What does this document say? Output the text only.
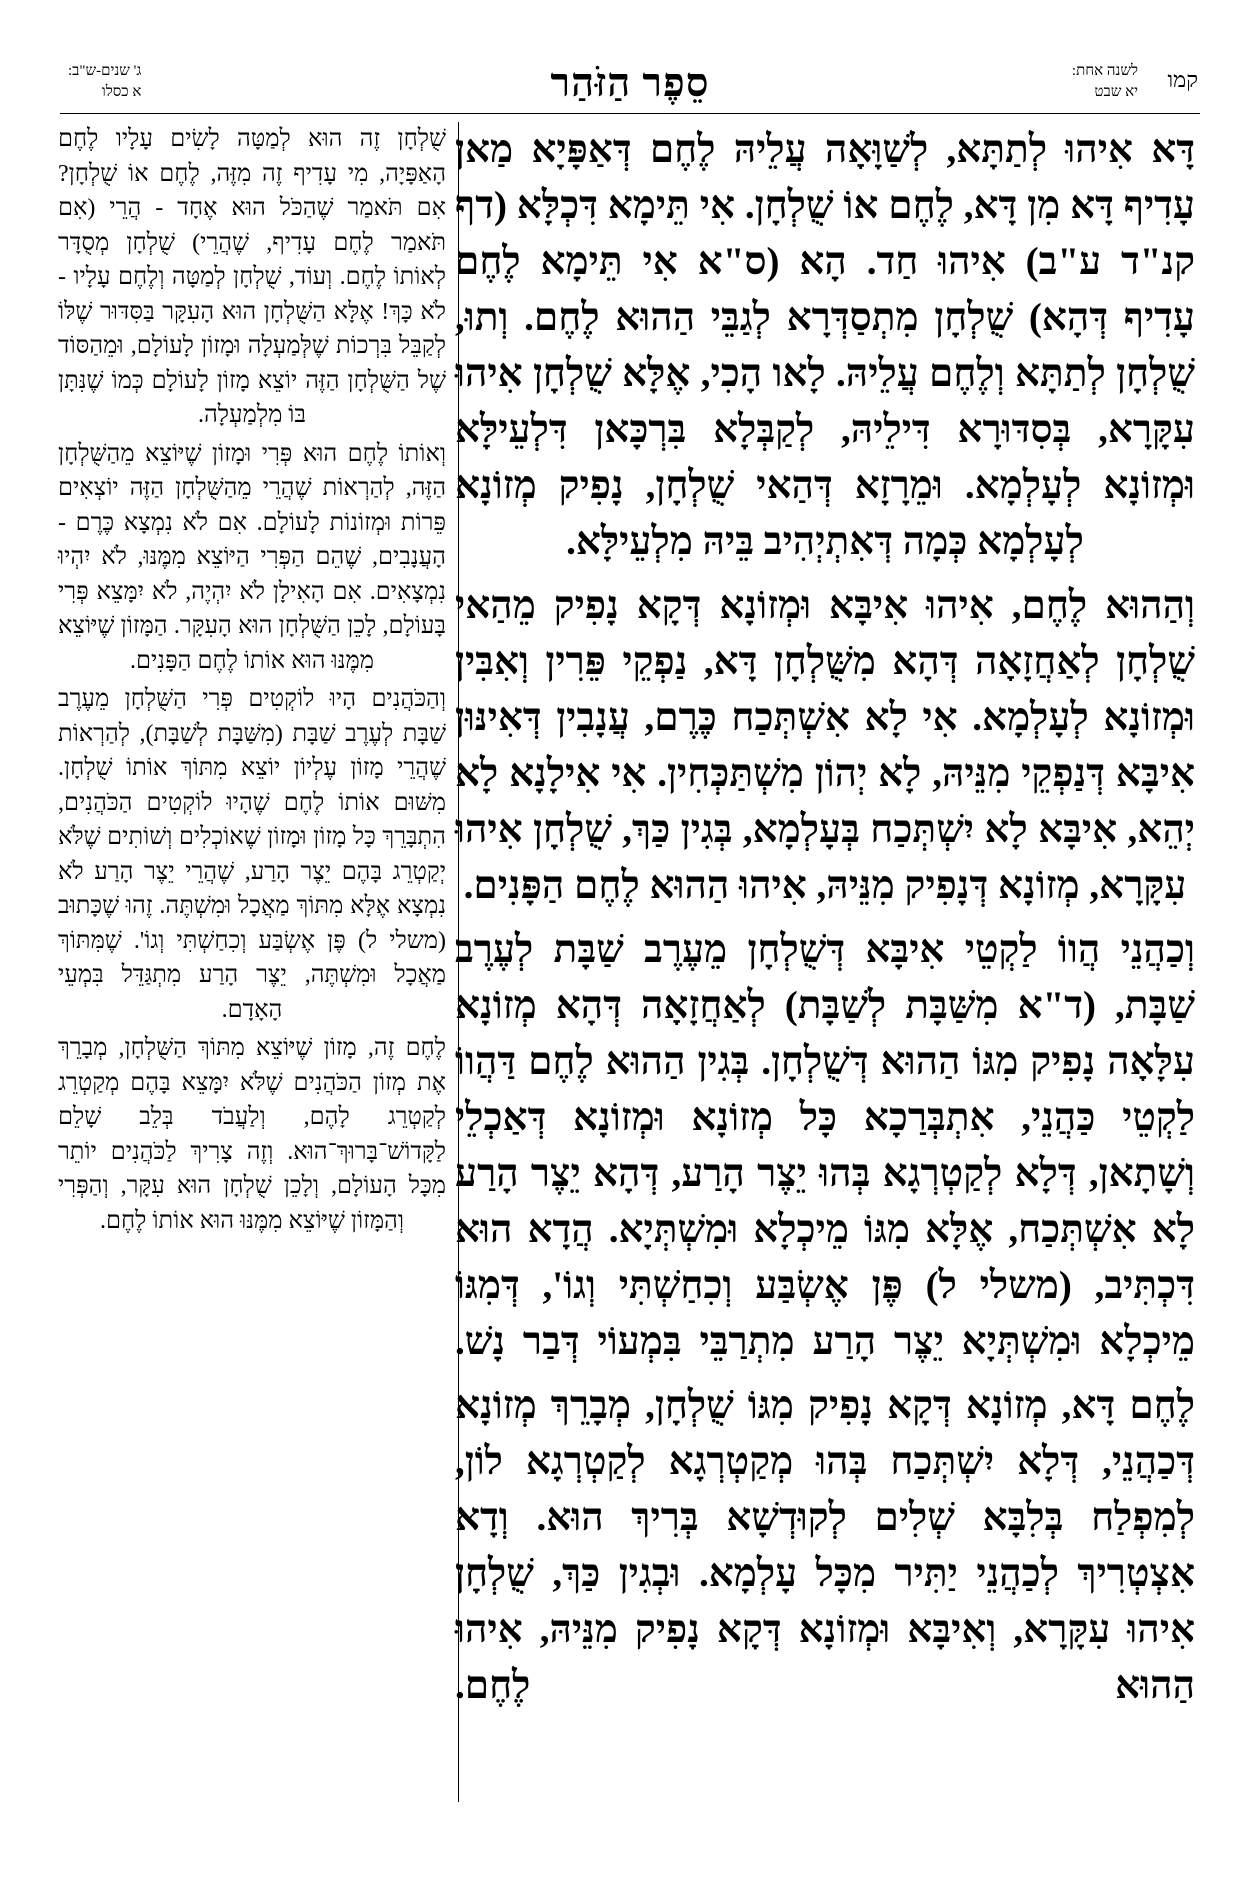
קמו
לשנה אחת:
יא שבט
סֵפֶר הַזֹּהַר
ג' שנים-ש"ב:
א כסלו

דָּא אִיהוּ לְתַתָּא, לְשַׁוָּאָה עֲלֵיהּ לֶחֶם דְּאַפָּיָא מַאן עָדִיף דָּא מִן דָּא, לֶחֶם אוֹ שֻׁלְחָן. אִי תֵּימָא דִּכְלָּא (דף קנ"ד ע"ב) אִיהוּ חַד. הָא (ס"א אִי תֵּימָא לֶחֶם עָדִיף דְּהָא) שֻׁלְחָן מִתְסַדְּרָא לְגַבֵּי הַהוּא לֶחֶם. וְתוּ, שֻׁלְחָן לְתַתָּא וְלֶחֶם עֲלֵיהּ. לָאו הָכִי, אֶלָּא שֻׁלְחָן אִיהוּ עִקָּרָא, בְּסִדּוּרָא דִּילֵיהּ, לְקַבְּלָא בִּרְכָּאן דִּלְעֵילָּא וּמְזוֹנָא לְעָלְמָא. וּמֵרָזָא דְּהַאי שֻׁלְחָן, נָפִיק מְזוֹנָא לְעָלְמָא כְּמָה דְּאִתְיְהִיב בֵּיהּ מִלְעֵילָּא.

וְהַהוּא לֶחֶם, אִיהוּ אִיבָּא וּמְזוֹנָא דְּקָא נָפִיק מֵהַאי שֻׁלְחָן לְאַחֲזָאָה דְּהָא מִשֻּׁלְחָן דָּא, נַפְקֵי פֵּרִין וְאִבִּין וּמְזוֹנָא לְעָלְמָא. אִי לָא אִשְׁתְּכַח כֶּרֶם, עֲנָבִין דְּאִינּוּן אִיבָּא דְּנַפְקֵי מִנֵּיהּ, לָא יְהוֹן מִשְׁתַּכְּחִין. אִי אִילָנָא לָא יְהֵא, אִיבָּא לָא יִשְׁתְּכַח בְּעָלְמָא, בְּגִין כַּךְ, שֻׁלְחָן אִיהוּ עִקָּרָא, מְזוֹנָא דְּנָפִיק מִנֵּיהּ, אִיהוּ הַהוּא לֶחֶם הַפָּנִים.

וְכַהֲנֵי הֲווֹ לַקְטֵי אִיבָּא דְּשֻׁלְחָן מֵעֶרֶב שַׁבָּת לְעֶרֶב שַׁבָּת, (ד"א מִשַּׁבָּת לְשַׁבָּת) לְאַחֲזָאָה דְּהָא מְזוֹנָא עִלָּאָה נָפִיק מִגּוֹ הַהוּא דְּשֻׁלְחָן. בְּגִין הַהוּא לֶחֶם דַּהֲווֹ לַקְטֵי כַּהֲנֵי, אִתְבְּרַכָא כָּל מְזוֹנָא וּמְזוֹנָא דְּאַכְלֵי וְשָׁתָאן, דְּלָא לְקַטְרְגָא בְּהוּ יֵצֶר הָרַע, דְּהָא יֵצֶר הָרַע לָא אִשְׁתְּכַח, אֶלָּא מִגּוֹ מֵיכְלָא וּמִשְׁתְּיָא. הֲדָא הוּא דִּכְתִּיב, (משלי ל) פֶּן אֶשְׂבַּע וְכִחַשְׁתִּי וְגוֹ', דְּמִגּוֹ מֵיכְלָא וּמִשְׁתְּיָא יֵצֶר הָרַע מִתְרַבֵּי בִּמְעוֹי דְּבַר נָשׁ.

לֶחֶם דָּא, מְזוֹנָא דְּקָא נָפִיק מִגּוֹ שֻׁלְחָן, מְבָרֵךְ מְזוֹנָא דְּכַהֲנֵי, דְּלָא יִשְׁתְּכַח בְּהוּ מְקַטְרְגָא לְקַטְרְגָא לוֹן, לְמִפְלַח בְּלִבָּא שְׁלִים לְקוּדְשָׁא בְּרִיךְ הוּא. וְדָא אִצְטְרִיךְ לְכַהֲנֵי יַתִּיר מִכָּל עָלְמָא. וּבְגִין כַּךְ, שֻׁלְחָן אִיהוּ עִקָּרָא, וְאִיבָּא וּמְזוֹנָא דְּקָא נָפִיק מִנֵּיהּ, אִיהוּ הַהוּא לֶחֶם.

שֻׁלְחָן זֶה הוּא לְמַטָּה לָשִׂים עָלָיו לֶחֶם הָאַפָּיָה, מִי עָדִיף זֶה מִזֶּה, לֶחֶם אוֹ שֻׁלְחָן? אִם תֹּאמַר שֶׁהַכֹּל הוּא אֶחָד - הֲרֵי (אִם תֹּאמַר לֶחֶם עָדִיף, שֶׁהֲרֵי) שֻׁלְחָן מְסֻדָּר לְאוֹתוֹ לֶחֶם. וְעוֹד, שֻׁלְחָן לְמַטָּה וְלֶחֶם עָלָיו - לֹא כָּךְ! אֶלָּא הַשֻּׁלְחָן הוּא הָעִקָּר בַּסִּדּוּר שֶׁלּוֹ לְקַבֵּל בִּרְכוֹת שֶׁלְּמַעְלָה וּמָזוֹן לָעוֹלָם, וּמֵהַסּוֹד שֶׁל הַשֻּׁלְחָן הַזֶּה יוֹצֵא מָזוֹן לָעוֹלָם כְּמוֹ שֶׁנִּתָּן בּוֹ מִלְמַעְלָה.

וְאוֹתוֹ לֶחֶם הוּא פְּרִי וּמָזוֹן שֶׁיּוֹצֵא מֵהַשֻּׁלְחָן הַזֶּה, לְהַרְאוֹת שֶׁהֲרֵי מֵהַשֻּׁלְחָן הַזֶּה יוֹצְאִים פֵּרוֹת וּמְזוֹנוֹת לָעוֹלָם. אִם לֹא נִמְצָא כֶּרֶם - הָעֲנָבִים, שֶׁהֵם הַפְּרִי הַיּוֹצֵא מִמֶּנּוּ, לֹא יִהְיוּ נִמְצָאִים. אִם הָאִילָן לֹא יִהְיֶה, לֹא יִמָּצֵא פְּרִי בָּעוֹלָם, לָכֵן הַשֻּׁלְחָן הוּא הָעִקָּר. הַמָּזוֹן שֶׁיּוֹצֵא מִמֶּנּוּ הוּא אוֹתוֹ לֶחֶם הַפָּנִים.

וְהַכֹּהֲנִים הָיוּ לוֹקְטִים פְּרִי הַשֻּׁלְחָן מֵעֶרֶב שַׁבָּת לְעֶרֶב שַׁבָּת (מִשַּׁבָּת לְשַׁבָּת), לְהַרְאוֹת שֶׁהֲרֵי מָזוֹן עֶלְיוֹן יוֹצֵא מִתּוֹךְ אוֹתוֹ שֻׁלְחָן. מִשּׁוּם אוֹתוֹ לֶחֶם שֶׁהָיוּ לוֹקְטִים הַכֹּהֲנִים, הִתְבָּרֵךְ כָּל מָזוֹן וּמָזוֹן שֶׁאוֹכְלִים וְשׁוֹתִים שֶׁלֹּא יְקַטְרֵג בָּהֶם יֵצֶר הָרַע, שֶׁהֲרֵי יֵצֶר הָרַע לֹא נִמְצָא אֶלָּא מִתּוֹךְ מַאֲכָל וּמִשְׁתֶּה. זֶהוּ שֶׁכָּתוּב (משלי ל) פֶּן אֶשְׂבַּע וְכִחַשְׁתִּי וְגוֹ'. שֶׁמִּתּוֹךְ מַאֲכָל וּמִשְׁתֶּה, יֵצֶר הָרַע מִתְגַּדֵּל בִּמְעֵי הָאָדָם.

לֶחֶם זֶה, מָזוֹן שֶׁיּוֹצֵא מִתּוֹךְ הַשֻּׁלְחָן, מְבָרֵךְ אֶת מְזוֹן הַכֹּהֲנִים שֶׁלֹּא יִמָּצֵא בָּהֶם מְקַטְרֵג לְקַטְרֵג לָהֶם, וְלַעֲבֹד בְּלֵב שָׁלֵם לַקָּדוֹשׁ־בָּרוּךְ־הוּא. וְזֶה צָרִיךְ לַכֹּהֲנִים יוֹתֵר מִכָּל הָעוֹלָם, וְלָכֵן שֻׁלְחָן הוּא עִקָּר, וְהַפְּרִי וְהַמָּזוֹן שֶׁיּוֹצֵא מִמֶּנּוּ הוּא אוֹתוֹ לֶחֶם.
